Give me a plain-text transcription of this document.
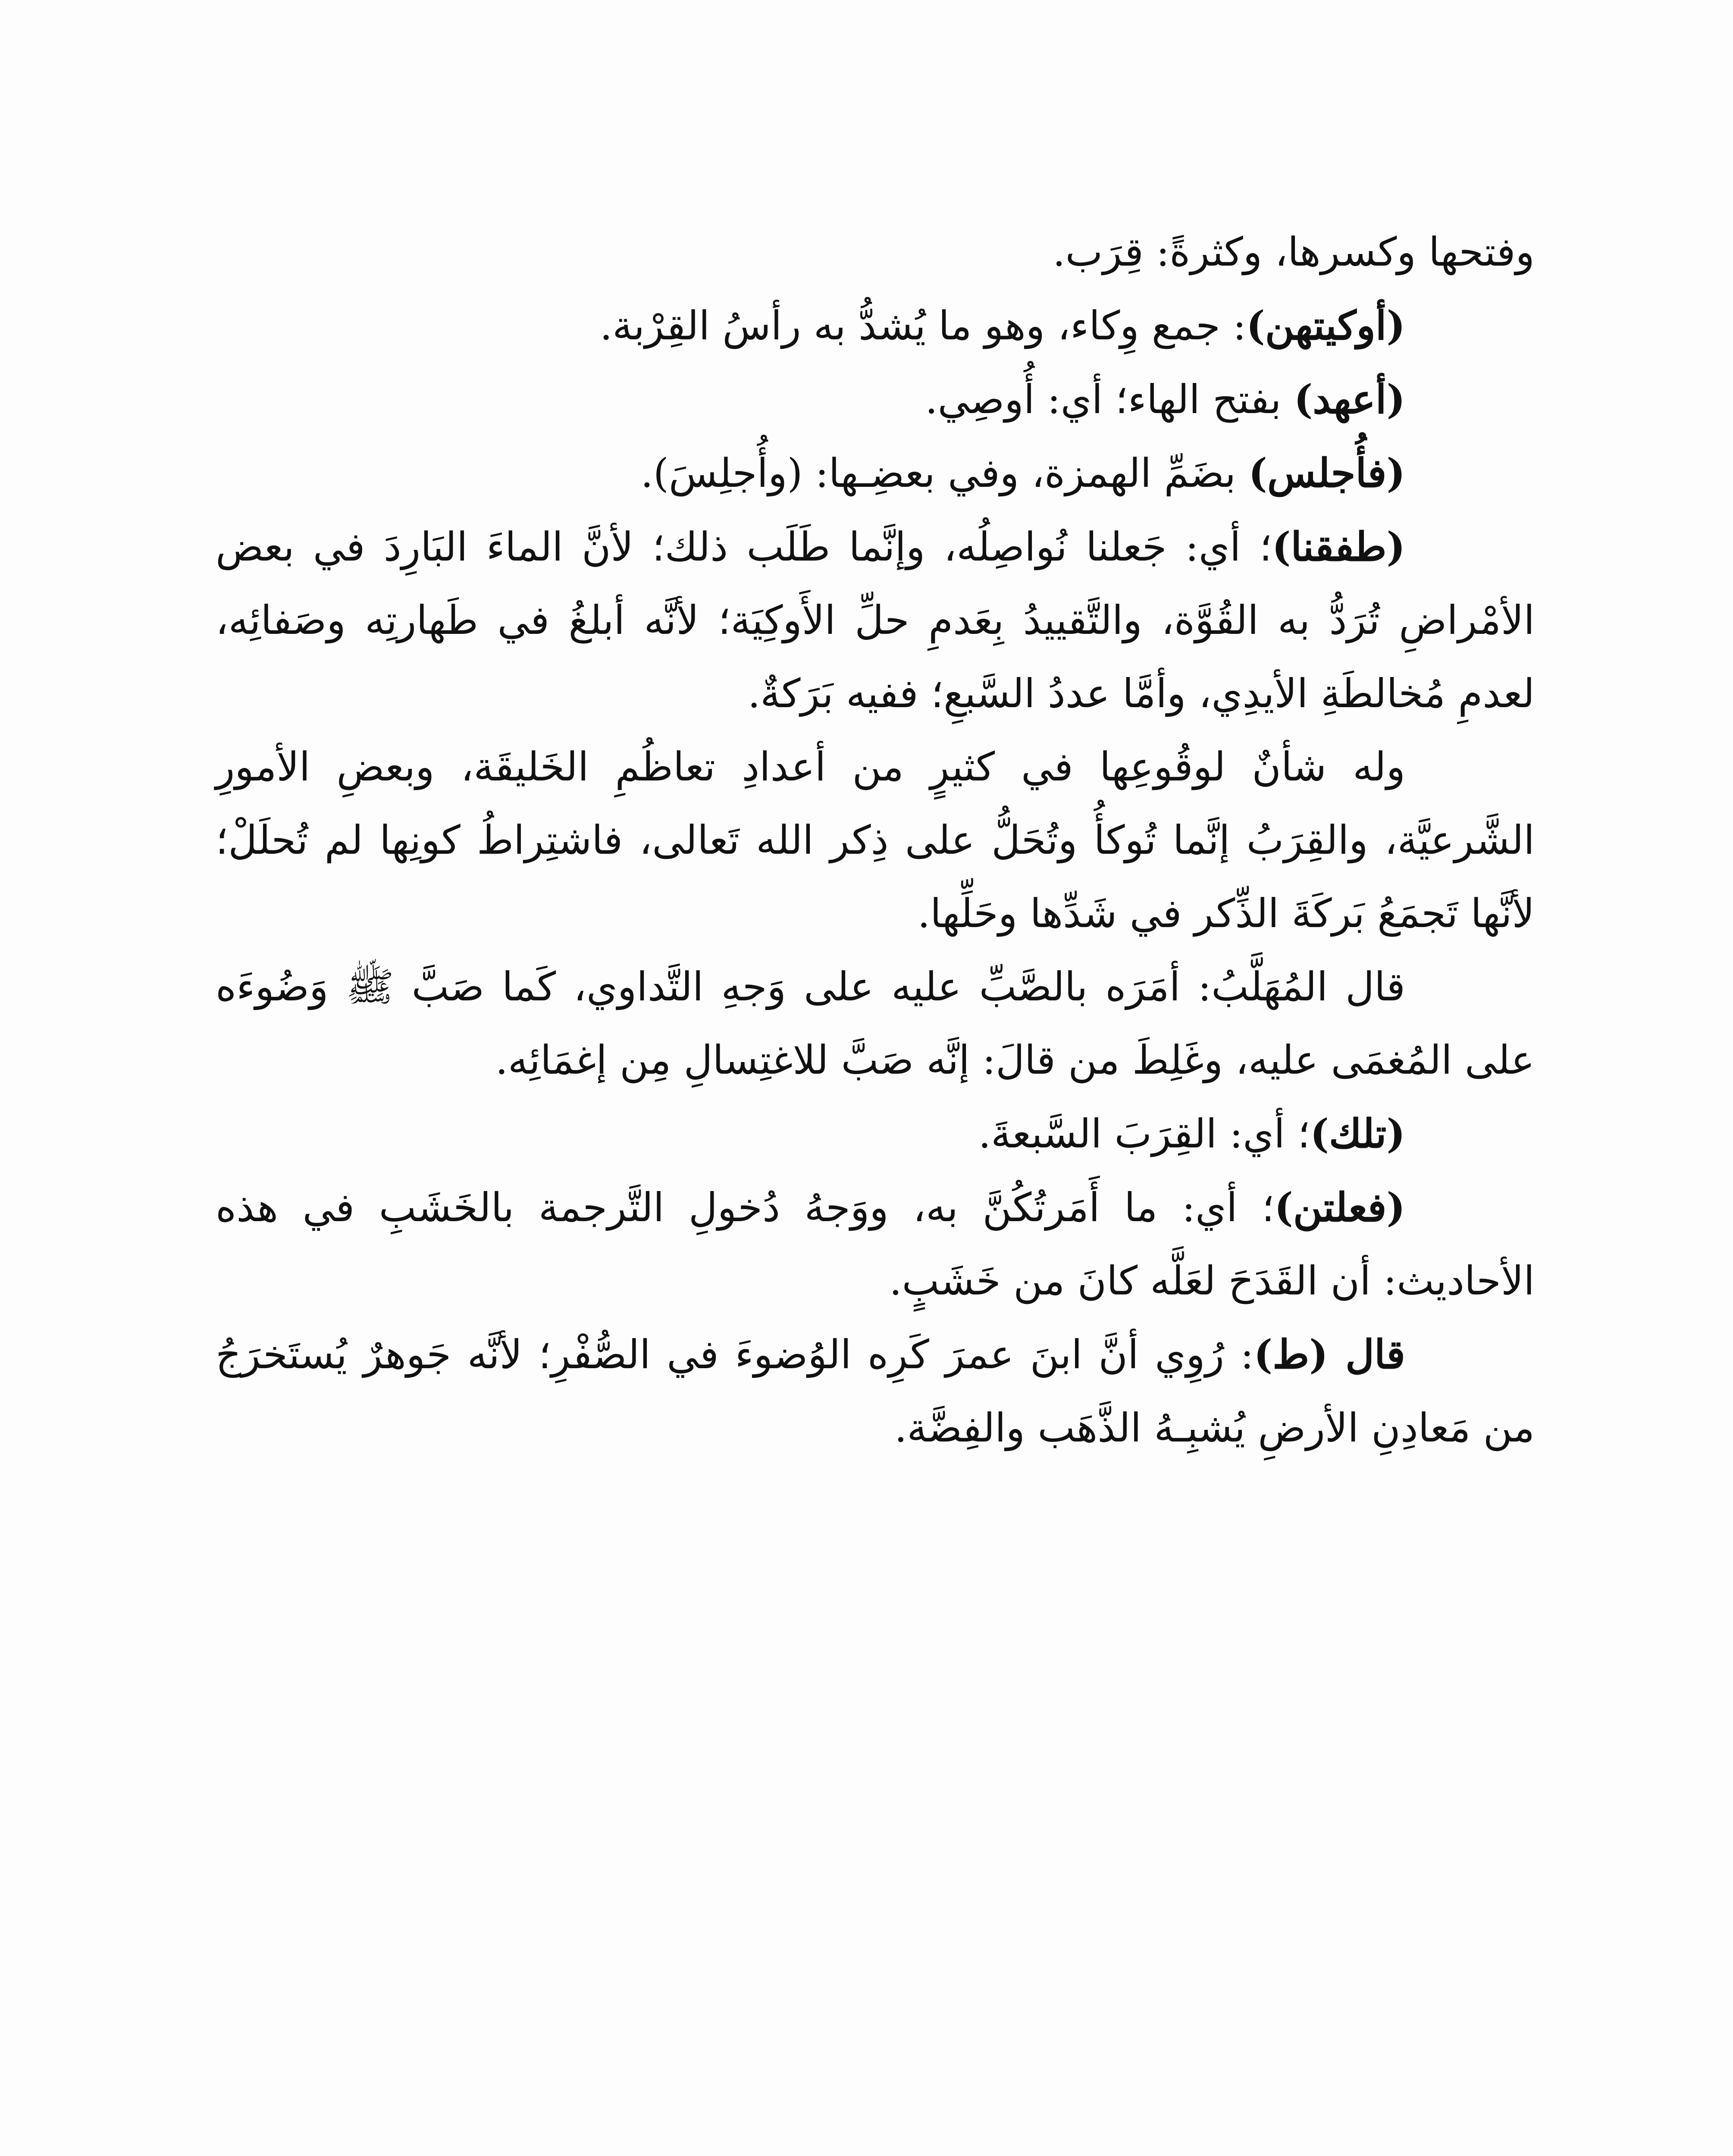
وفتحها وكسرها، وكثرةً: قِرَب.

(أوكيتهن): جمع وِكاء، وهو ما يُشدُّ به رأسُ القِرْبة.

(أعهد) بفتح الهاء؛ أي: أُوصِي.

(فأُجلس) بضَمِّ الهمزة، وفي بعضِـها: (وأُجلِسَ).

(طفقنا)؛ أي: جَعلنا نُواصِلُه، وإنَّما طَلَب ذلك؛ لأنَّ الماءَ البَارِدَ في بعض الأمْراضِ تُرَدُّ به القُوَّة، والتَّقييدُ بِعَدمِ حلِّ الأَوكِيَة؛ لأنَّه أبلغُ في طَهارتِه وصَفائِه، لعدمِ مُخالطَةِ الأيدِي، وأمَّا عددُ السَّبعِ؛ ففيه بَرَكةٌ.

وله شأنٌ لوقُوعِها في كثيرٍ من أعدادِ تعاظُمِ الخَليقَة، وبعضِ الأمورِ الشَّرعيَّة، والقِرَبُ إنَّما تُوكأُ وتُحَلُّ على ذِكر الله تَعالى، فاشتِراطُ كونِها لم تُحلَلْ؛ لأنَّها تَجمَعُ بَركَةَ الذِّكر في شَدِّها وحَلِّها.

قال المُهَلَّبُ: أمَرَه بالصَّبِّ عليه على وَجهِ التَّداوي، كَما صَبَّ ﷺ وَضُوءَه على المُغمَى عليه، وغَلِطَ من قالَ: إنَّه صَبَّ للاغتِسالِ مِن إغمَائِه.

(تلك)؛ أي: القِرَبَ السَّبعةَ.

(فعلتن)؛ أي: ما أَمَرتُكُنَّ به، ووَجهُ دُخولِ التَّرجمة بالخَشَبِ في هذه الأحاديث: أن القَدَحَ لعَلَّه كانَ من خَشَبٍ.

قال (ط): رُوِي أنَّ ابنَ عمرَ كَرِه الوُضوءَ في الصُّفْرِ؛ لأنَّه جَوهرٌ يُستَخرَجُ من مَعادِنِ الأرضِ يُشبِـهُ الذَّهَب والفِضَّة.
